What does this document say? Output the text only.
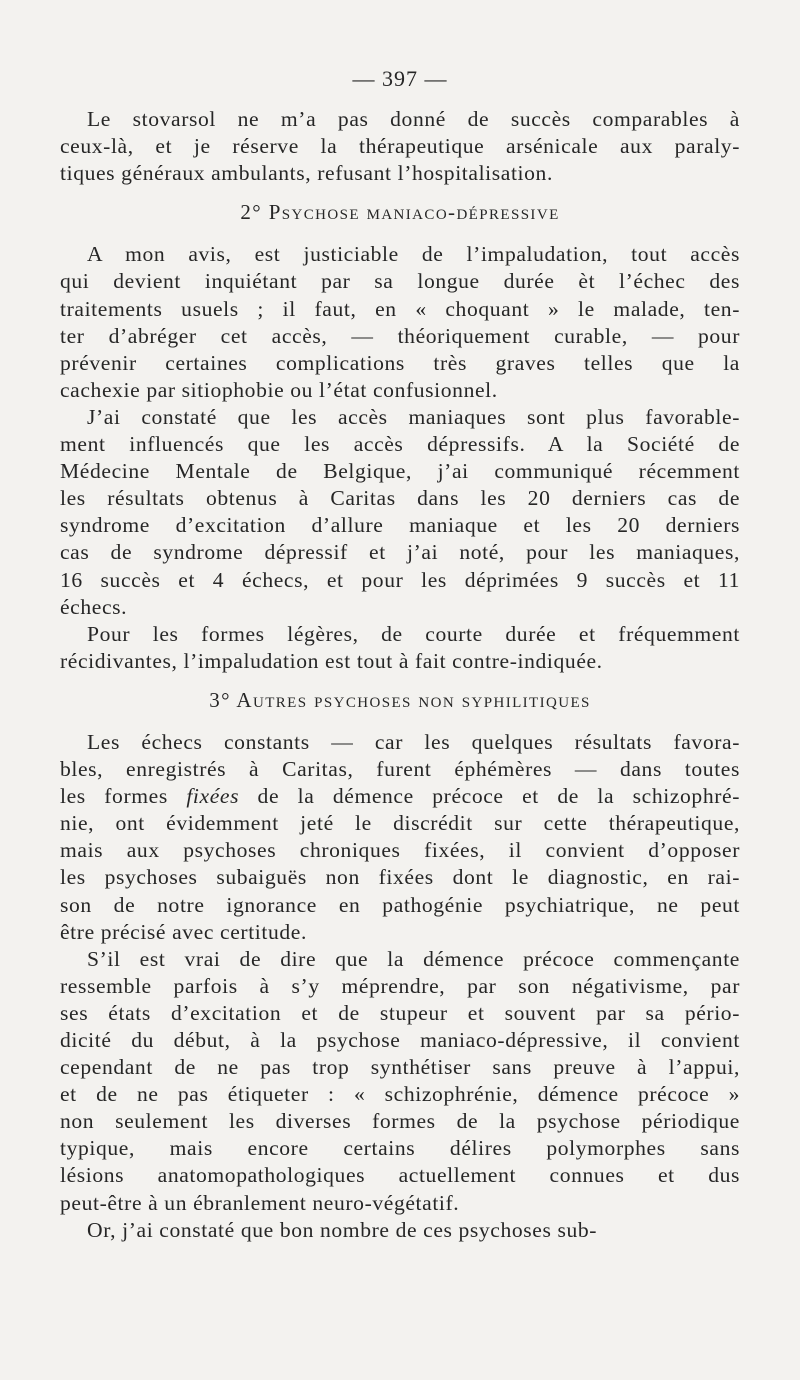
— 397 —

Le stovarsol ne m’a pas donné de succès comparables à
ceux-là, et je réserve la thérapeutique arsénicale aux paraly-
tiques généraux ambulants, refusant l’hospitalisation.

2° Psychose maniaco-dépressive

A mon avis, est justiciable de l’impaludation, tout accès
qui devient inquiétant par sa longue durée èt l’échec des
traitements usuels ; il faut, en « choquant » le malade, ten-
ter d’abréger cet accès, — théoriquement curable, — pour
prévenir certaines complications très graves telles que la
cachexie par sitiophobie ou l’état confusionnel.

J’ai constaté que les accès maniaques sont plus favorable-
ment influencés que les accès dépressifs. A la Société de
Médecine Mentale de Belgique, j’ai communiqué récemment
les résultats obtenus à Caritas dans les 20 derniers cas de
syndrome d’excitation d’allure maniaque et les 20 derniers
cas de syndrome dépressif et j’ai noté, pour les maniaques,
16 succès et 4 échecs, et pour les déprimées 9 succès et 11
échecs.

Pour les formes légères, de courte durée et fréquemment
récidivantes, l’impaludation est tout à fait contre-indiquée.

3° Autres psychoses non syphilitiques

Les échecs constants — car les quelques résultats favora-
bles, enregistrés à Caritas, furent éphémères — dans toutes
les formes fixées de la démence précoce et de la schizophré-
nie, ont évidemment jeté le discrédit sur cette thérapeutique,
mais aux psychoses chroniques fixées, il convient d’opposer
les psychoses subaiguës non fixées dont le diagnostic, en rai-
son de notre ignorance en pathogénie psychiatrique, ne peut
être précisé avec certitude.

S’il est vrai de dire que la démence précoce commençante
ressemble parfois à s’y méprendre, par son négativisme, par
ses états d’excitation et de stupeur et souvent par sa pério-
dicité du début, à la psychose maniaco-dépressive, il convient
cependant de ne pas trop synthétiser sans preuve à l’appui,
et de ne pas étiqueter : « schizophrénie, démence précoce »
non seulement les diverses formes de la psychose périodique
typique, mais encore certains délires polymorphes sans
lésions anatomopathologiques actuellement connues et dus
peut-être à un ébranlement neuro-végétatif.

Or, j’ai constaté que bon nombre de ces psychoses sub-
